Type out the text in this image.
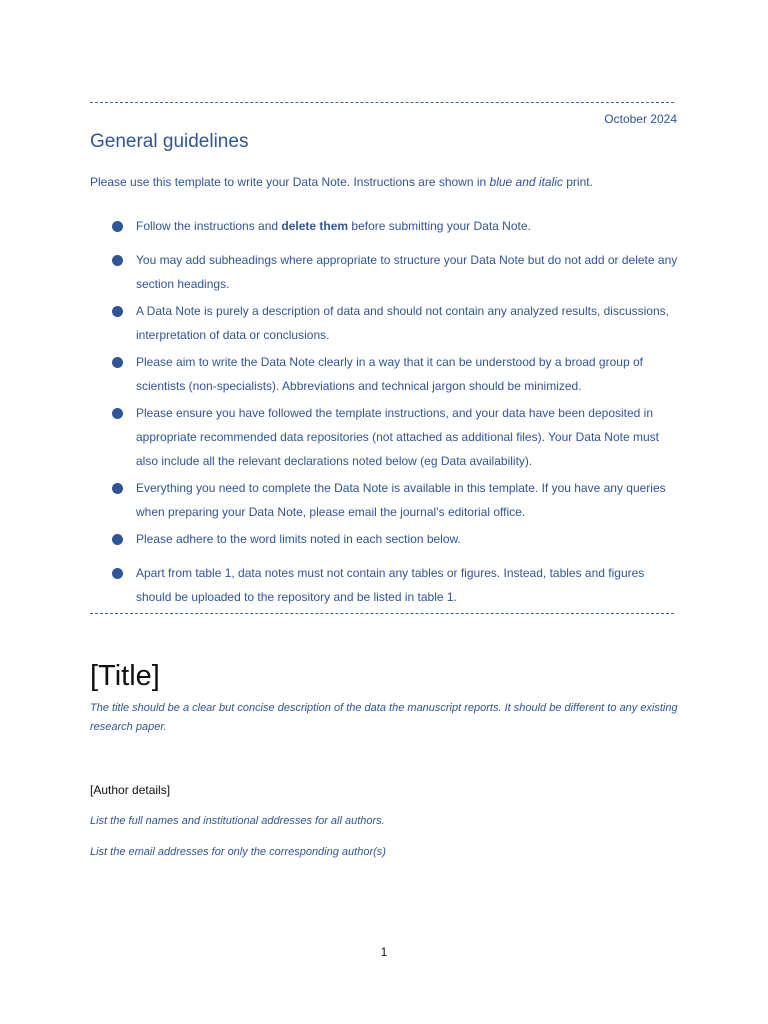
October 2024
General guidelines
Please use this template to write your Data Note. Instructions are shown in blue and italic print.
Follow the instructions and delete them before submitting your Data Note.
You may add subheadings where appropriate to structure your Data Note but do not add or delete any section headings.
A Data Note is purely a description of data and should not contain any analyzed results, discussions, interpretation of data or conclusions.
Please aim to write the Data Note clearly in a way that it can be understood by a broad group of scientists (non-specialists). Abbreviations and technical jargon should be minimized.
Please ensure you have followed the template instructions, and your data have been deposited in appropriate recommended data repositories (not attached as additional files). Your Data Note must also include all the relevant declarations noted below (eg Data availability).
Everything you need to complete the Data Note is available in this template. If you have any queries when preparing your Data Note, please email the journal’s editorial office.
Please adhere to the word limits noted in each section below.
Apart from table 1, data notes must not contain any tables or figures. Instead, tables and figures should be uploaded to the repository and be listed in table 1.
[Title]
The title should be a clear but concise description of the data the manuscript reports. It should be different to any existing research paper.
[Author details]
List the full names and institutional addresses for all authors.
List the email addresses for only the corresponding author(s)
1
